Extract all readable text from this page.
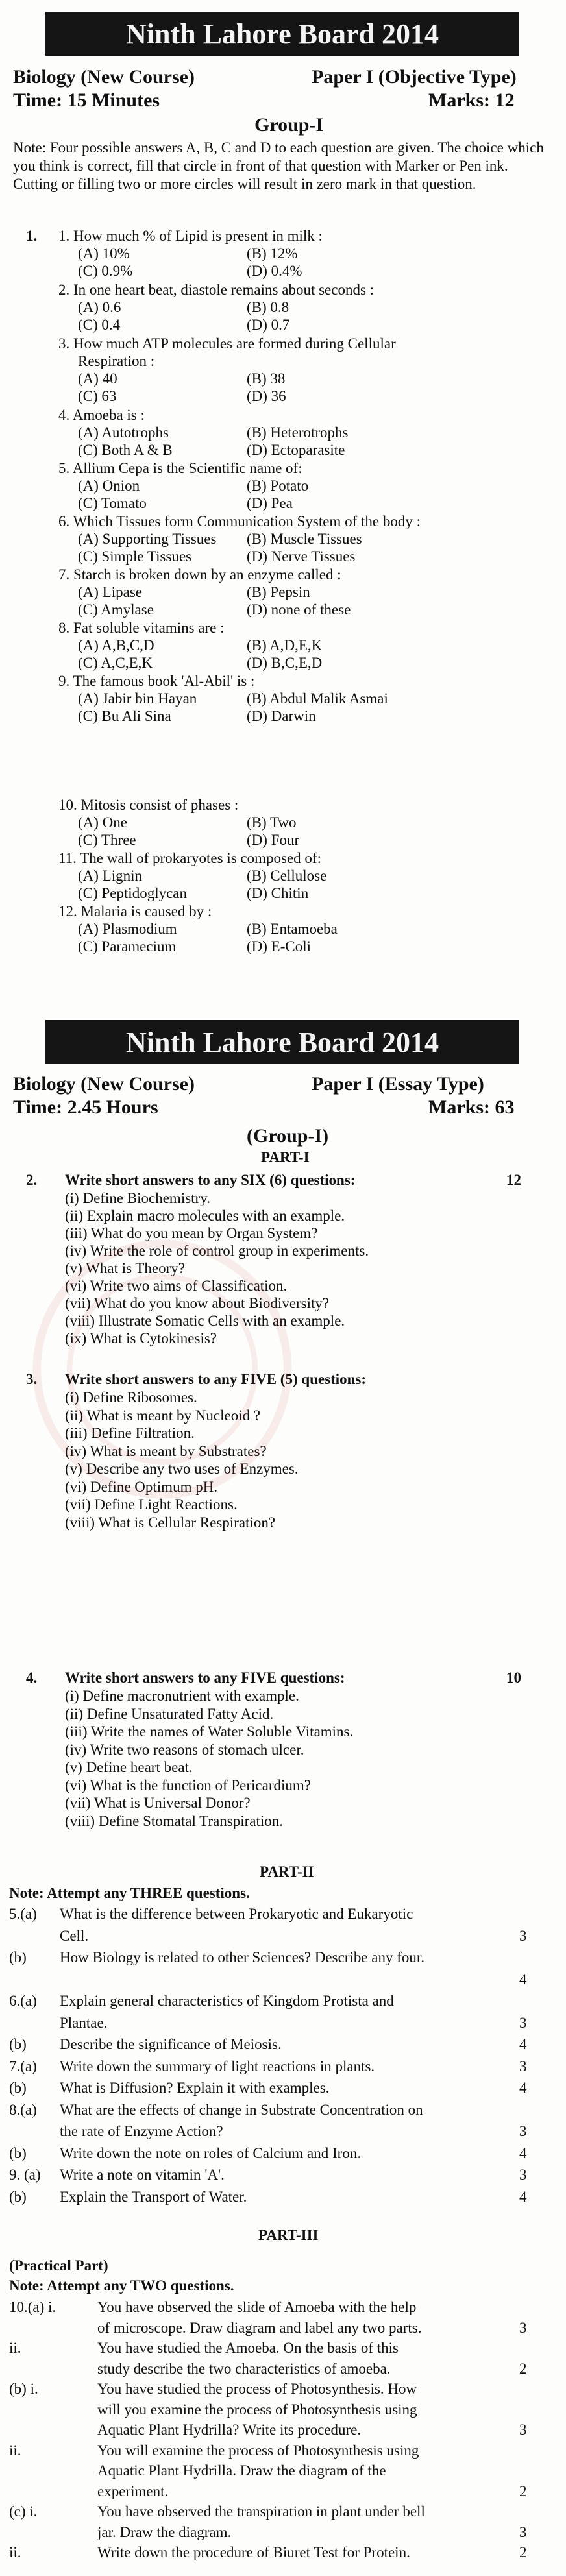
Ninth Lahore Board 2014
Biology (New Course)	Paper I (Objective Type)
Time: 15 Minutes	Marks: 12
Group-I
Note: Four possible answers A, B, C and D to each question are given. The choice which you think is correct, fill that circle in front of that question with Marker or Pen ink. Cutting or filling two or more circles will result in zero mark in that question.
1. 1. How much % of Lipid is present in milk :
(A) 10%	(B) 12%
(C) 0.9%	(D) 0.4%
2. In one heart beat, diastole remains about seconds :
(A) 0.6	(B) 0.8
(C) 0.4	(D) 0.7
3. How much ATP molecules are formed during Cellular
Respiration :
(A) 40	(B) 38
(C) 63	(D) 36
4. Amoeba is :
(A) Autotrophs	(B) Heterotrophs
(C) Both A & B	(D) Ectoparasite
5. Allium Cepa is the Scientific name of:
(A) Onion	(B) Potato
(C) Tomato	(D) Pea
6. Which Tissues form Communication System of the body :
(A) Supporting Tissues (B) Muscle Tissues
(C) Simple Tissues	(D) Nerve Tissues
7. Starch is broken down by an enzyme called :
(A) Lipase	(B) Pepsin
(C) Amylase	(D) none of these
8. Fat soluble vitamins are :
(A) A,B,C,D	(B) A,D,E,K
(C) A,C,E,K	(D) B,C,E,D
9. The famous book 'Al-Abil' is :
(A) Jabir bin Hayan	(B) Abdul Malik Asmai
(C) Bu Ali Sina	(D) Darwin
10. Mitosis consist of phases :
(A) One	(B) Two
(C) Three	(D) Four
11. The wall of prokaryotes is composed of:
(A) Lignin	(B) Cellulose
(C) Peptidoglycan	(D) Chitin
12. Malaria is caused by :
(A) Plasmodium	(B) Entamoeba
(C) Paramecium	(D) E-Coli
Ninth Lahore Board 2014
Biology (New Course)	Paper I (Essay Type)
Time: 2.45 Hours	Marks: 63
(Group-I)
PART-I
2. Write short answers to any SIX (6) questions:	12
(i) Define Biochemistry.
(ii) Explain macro molecules with an example.
(iii) What do you mean by Organ System?
(iv) Write the role of control group in experiments.
(v) What is Theory?
(vi) Write two aims of Classification.
(vii) What do you know about Biodiversity?
(viii) Illustrate Somatic Cells with an example.
(ix) What is Cytokinesis?
3. Write short answers to any FIVE (5) questions:
(i) Define Ribosomes.
(ii) What is meant by Nucleoid ?
(iii) Define Filtration.
(iv) What is meant by Substrates?
(v) Describe any two uses of Enzymes.
(vi) Define Optimum pH.
(vii) Define Light Reactions.
(viii) What is Cellular Respiration?
4. Write short answers to any FIVE questions:	10
(i) Define macronutrient with example.
(ii) Define Unsaturated Fatty Acid.
(iii) Write the names of Water Soluble Vitamins.
(iv) Write two reasons of stomach ulcer.
(v) Define heart beat.
(vi) What is the function of Pericardium?
(vii) What is Universal Donor?
(viii) Define Stomatal Transpiration.
PART-II
Note: Attempt any THREE questions.
5.(a) What is the difference between Prokaryotic and Eukaryotic
Cell.	3
(b) How Biology is related to other Sciences? Describe any four.
4
6.(a) Explain general characteristics of Kingdom Protista and
Plantae.	3
(b) Describe the significance of Meiosis.	4
7.(a) Write down the summary of light reactions in plants.	3
(b) What is Diffusion? Explain it with examples.	4
8.(a) What are the effects of change in Substrate Concentration on
the rate of Enzyme Action?	3
(b) Write down the note on roles of Calcium and Iron.	4
9. (a) Write a note on vitamin 'A'.	3
(b) Explain the Transport of Water.	4
PART-III
(Practical Part)
Note: Attempt any TWO questions.
10.(a) i.	You have observed the slide of Amoeba with the help
of microscope. Draw diagram and label any two parts.	3
ii.	You have studied the Amoeba. On the basis of this
study describe the two characteristics of amoeba.	2
(b) i.	You have studied the process of Photosynthesis. How
will you examine the process of Photosynthesis using
Aquatic Plant Hydrilla? Write its procedure.	3
ii.	You will examine the process of Photosynthesis using
Aquatic Plant Hydrilla. Draw the diagram of the
experiment.	2
(c) i.	You have observed the transpiration in plant under bell
jar. Draw the diagram.	3
ii.	Write down the procedure of Biuret Test for Protein.	2
